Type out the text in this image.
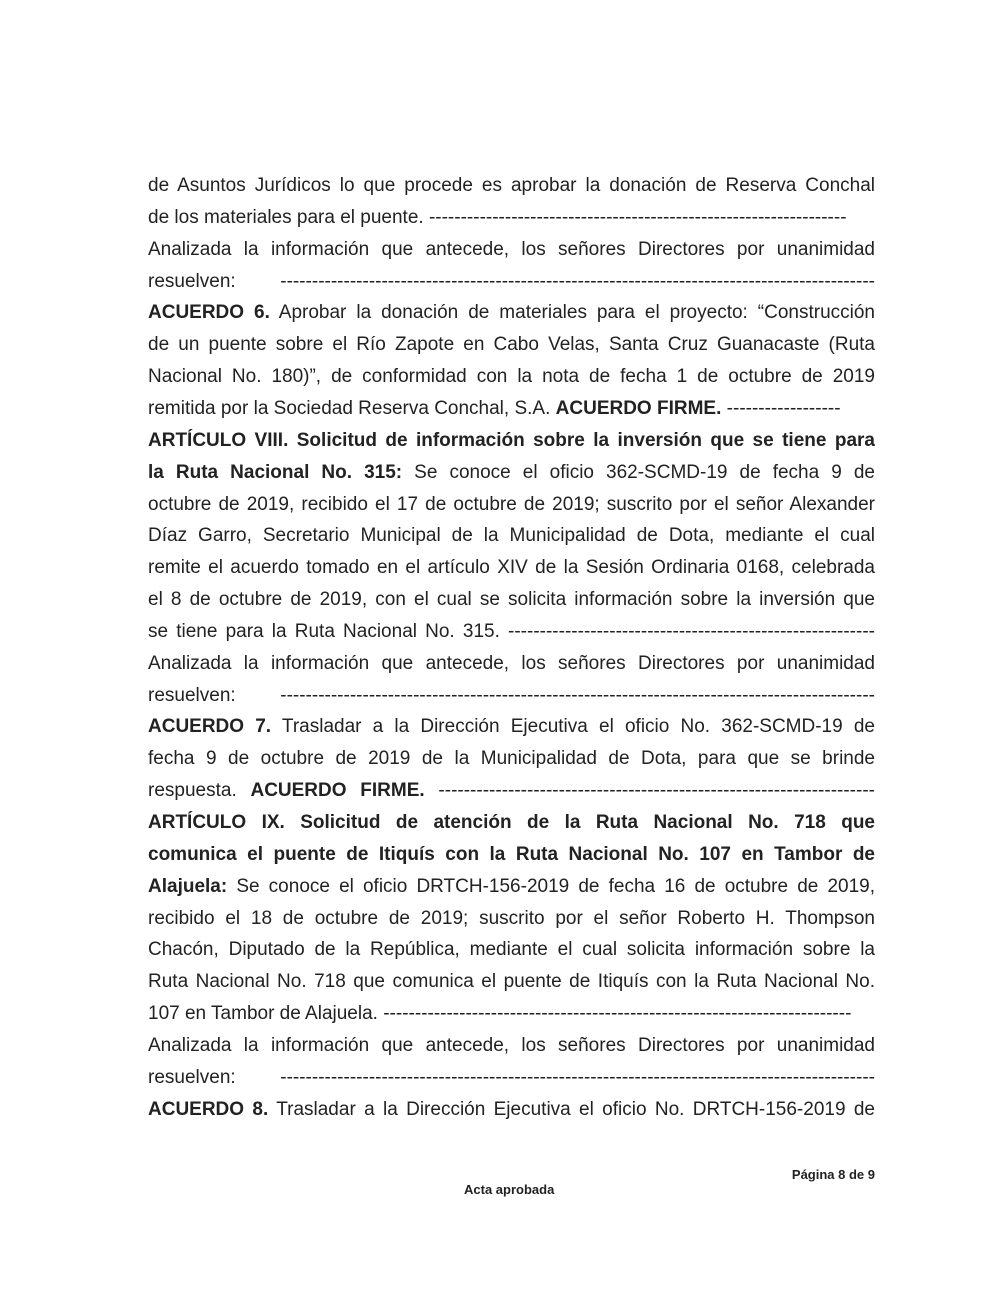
de Asuntos Jurídicos lo que procede es aprobar la donación de Reserva Conchal
de los materiales para el puente. ------------------------------------------------------------------
Analizada la información que antecede, los señores Directores por unanimidad
resuelven: ----------------------------------------------------------------------------------------------
ACUERDO 6. Aprobar la donación de materiales para el proyecto: “Construcción
de un puente sobre el Río Zapote en Cabo Velas, Santa Cruz Guanacaste (Ruta
Nacional No. 180)”, de conformidad con la nota de fecha 1 de octubre de 2019
remitida por la Sociedad Reserva Conchal, S.A. ACUERDO FIRME. ------------------
ARTÍCULO VIII. Solicitud de información sobre la inversión que se tiene para
la Ruta Nacional No. 315: Se conoce el oficio 362-SCMD-19 de fecha 9 de
octubre de 2019, recibido el 17 de octubre de 2019; suscrito por el señor Alexander
Díaz Garro, Secretario Municipal de la Municipalidad de Dota, mediante el cual
remite el acuerdo tomado en el artículo XIV de la Sesión Ordinaria 0168, celebrada
el 8 de octubre de 2019, con el cual se solicita información sobre la inversión que
se tiene para la Ruta Nacional No. 315. ----------------------------------------------------------
Analizada la información que antecede, los señores Directores por unanimidad
resuelven: ----------------------------------------------------------------------------------------------
ACUERDO 7. Trasladar a la Dirección Ejecutiva el oficio No. 362-SCMD-19 de
fecha 9 de octubre de 2019 de la Municipalidad de Dota, para que se brinde
respuesta. ACUERDO FIRME. ---------------------------------------------------------------------
ARTÍCULO IX. Solicitud de atención de la Ruta Nacional No. 718 que
comunica el puente de Itiquís con la Ruta Nacional No. 107 en Tambor de
Alajuela: Se conoce el oficio DRTCH-156-2019 de fecha 16 de octubre de 2019,
recibido el 18 de octubre de 2019; suscrito por el señor Roberto H. Thompson
Chacón, Diputado de la República, mediante el cual solicita información sobre la
Ruta Nacional No. 718 que comunica el puente de Itiquís con la Ruta Nacional No.
107 en Tambor de Alajuela. --------------------------------------------------------------------------
Analizada la información que antecede, los señores Directores por unanimidad
resuelven: ----------------------------------------------------------------------------------------------
ACUERDO 8. Trasladar a la Dirección Ejecutiva el oficio No. DRTCH-156-2019 de
Página 8 de 9
Acta aprobada
